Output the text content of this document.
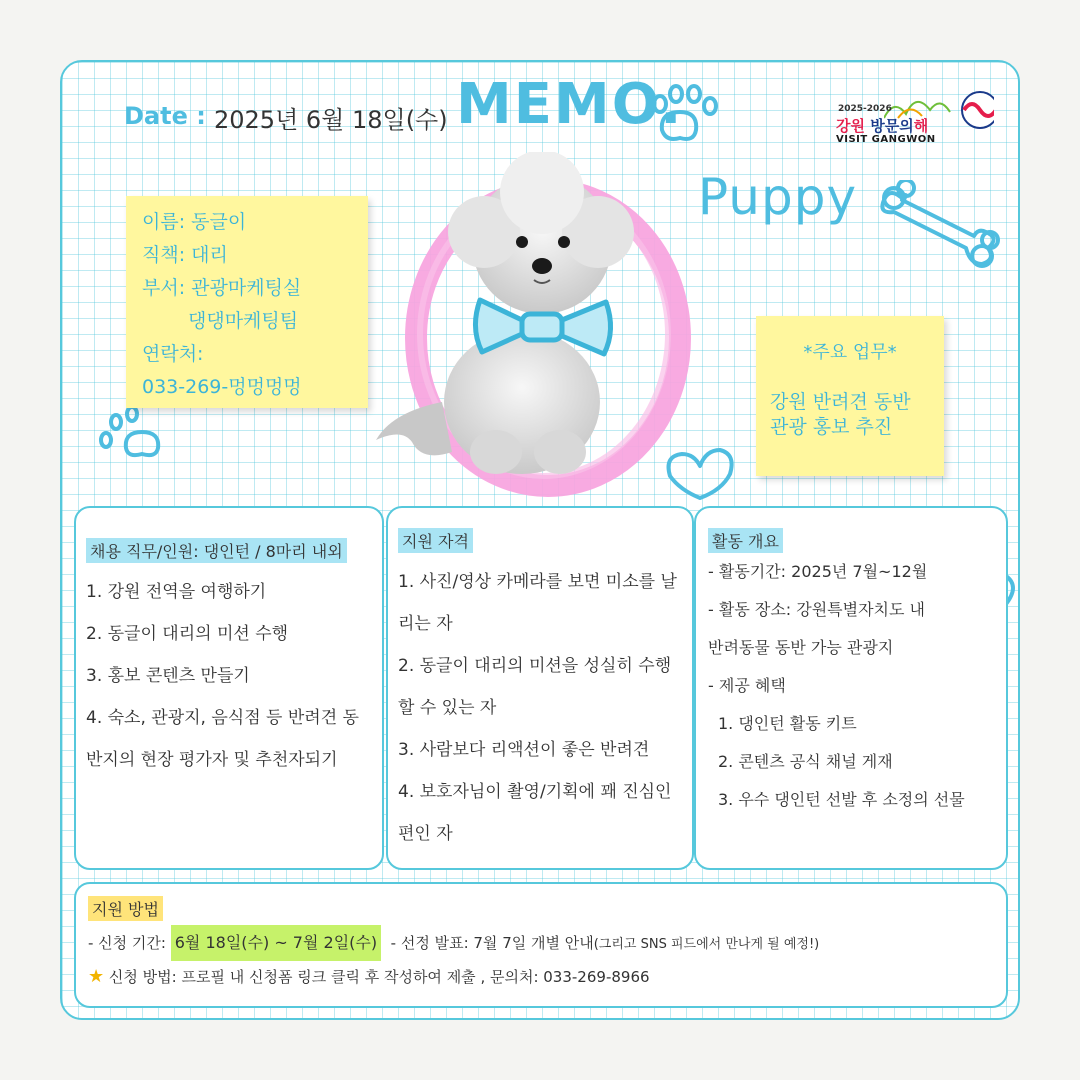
Date : 2025년 6월 18일(수) MEMO.
Puppy
2025-2026
강원 방문의해
VISIT GANGWON
이름: 동글이
직책: 대리
부서: 관광마케팅실
댕댕마케팅팀
연락처:
033-269-멍멍멍멍
*주요 업무*
강원 반려견 동반
관광 홍보 추진
채용 직무/인원: 댕인턴 / 8마리 내외
1. 강원 전역을 여행하기
2. 동글이 대리의 미션 수행
3. 홍보 콘텐츠 만들기
4. 숙소, 관광지, 음식점 등 반려견 동반지의 현장 평가자 및 추천자되기
지원 자격
1. 사진/영상 카메라를 보면 미소를 날리는 자
2. 동글이 대리의 미션을 성실히 수행할 수 있는 자
3. 사람보다 리액션이 좋은 반려견
4. 보호자님이 촬영/기획에 꽤 진심인 편인 자
활동 개요
- 활동기간: 2025년 7월~12월
- 활동 장소: 강원특별자치도 내
반려동물 동반 가능 관광지
- 제공 혜택
1. 댕인턴 활동 키트
2. 콘텐츠 공식 채널 게재
3. 우수 댕인턴 선발 후 소정의 선물
지원 방법
- 신청 기간: 6월 18일(수) ~ 7월 2일(수) - 선정 발표: 7월 7일 개별 안내(그리고 SNS 피드에서 만나게 될 예정!)
★ 신청 방법: 프로필 내 신청폼 링크 클릭 후 작성하여 제출 , 문의처: 033-269-8966
